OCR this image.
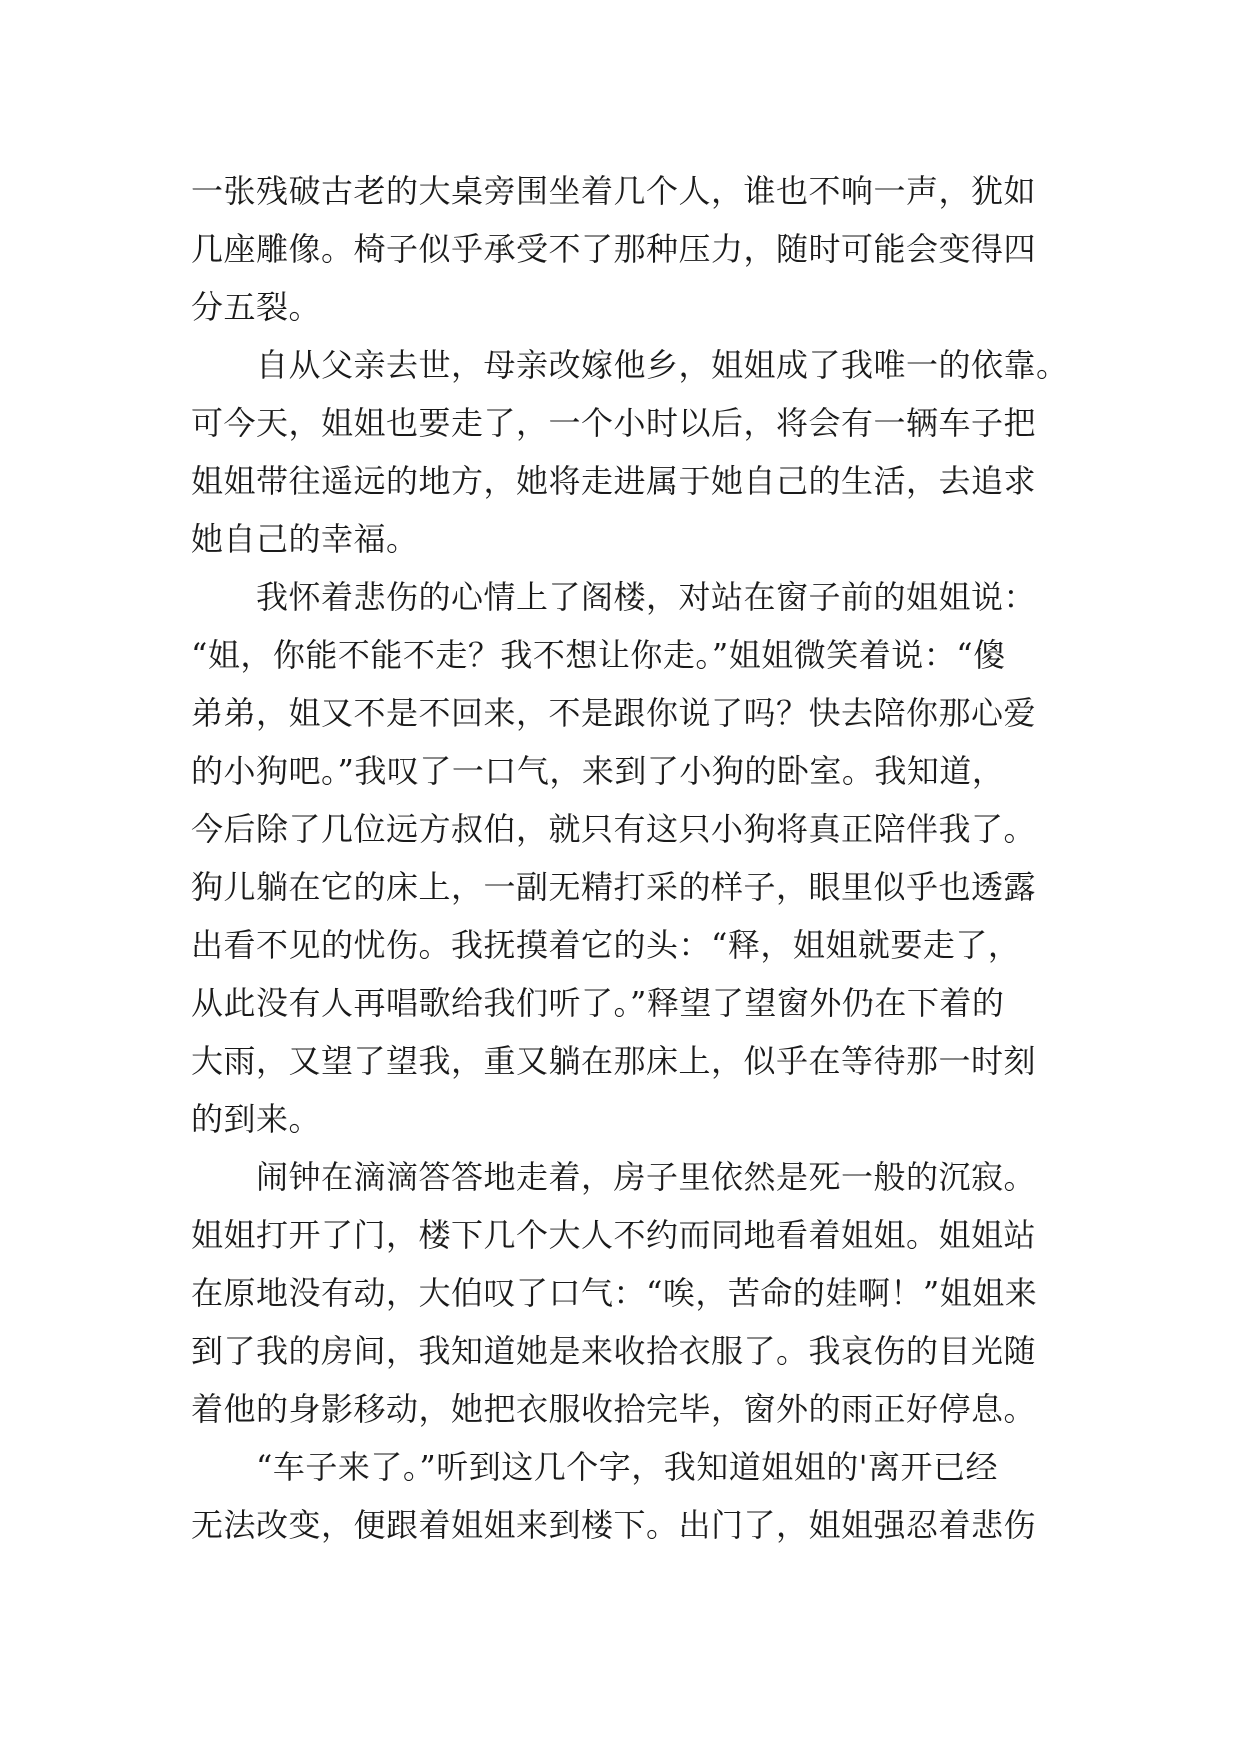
一张残破古老的大桌旁围坐着几个人，谁也不响一声，犹如
几座雕像。椅子似乎承受不了那种压力，随时可能会变得四
分五裂。
自从父亲去世，母亲改嫁他乡，姐姐成了我唯一的依靠。
可今天，姐姐也要走了，一个小时以后，将会有一辆车子把
姐姐带往遥远的地方，她将走进属于她自己的生活，去追求
她自己的幸福。
我怀着悲伤的心情上了阁楼，对站在窗子前的姐姐说：
“姐，你能不能不走？我不想让你走。”姐姐微笑着说：“傻
弟弟，姐又不是不回来，不是跟你说了吗？快去陪你那心爱
的小狗吧。”我叹了一口气，来到了小狗的卧室。我知道，
今后除了几位远方叔伯，就只有这只小狗将真正陪伴我了。
狗儿躺在它的床上，一副无精打采的样子，眼里似乎也透露
出看不见的忧伤。我抚摸着它的头：“释，姐姐就要走了，
从此没有人再唱歌给我们听了。”释望了望窗外仍在下着的
大雨，又望了望我，重又躺在那床上，似乎在等待那一时刻
的到来。
闹钟在滴滴答答地走着，房子里依然是死一般的沉寂。
姐姐打开了门，楼下几个大人不约而同地看着姐姐。姐姐站
在原地没有动，大伯叹了口气：“唉，苦命的娃啊！”姐姐来
到了我的房间，我知道她是来收拾衣服了。我哀伤的目光随
着他的身影移动，她把衣服收拾完毕，窗外的雨正好停息。
“车子来了。”听到这几个字，我知道姐姐的'离开已经
无法改变，便跟着姐姐来到楼下。出门了，姐姐强忍着悲伤
